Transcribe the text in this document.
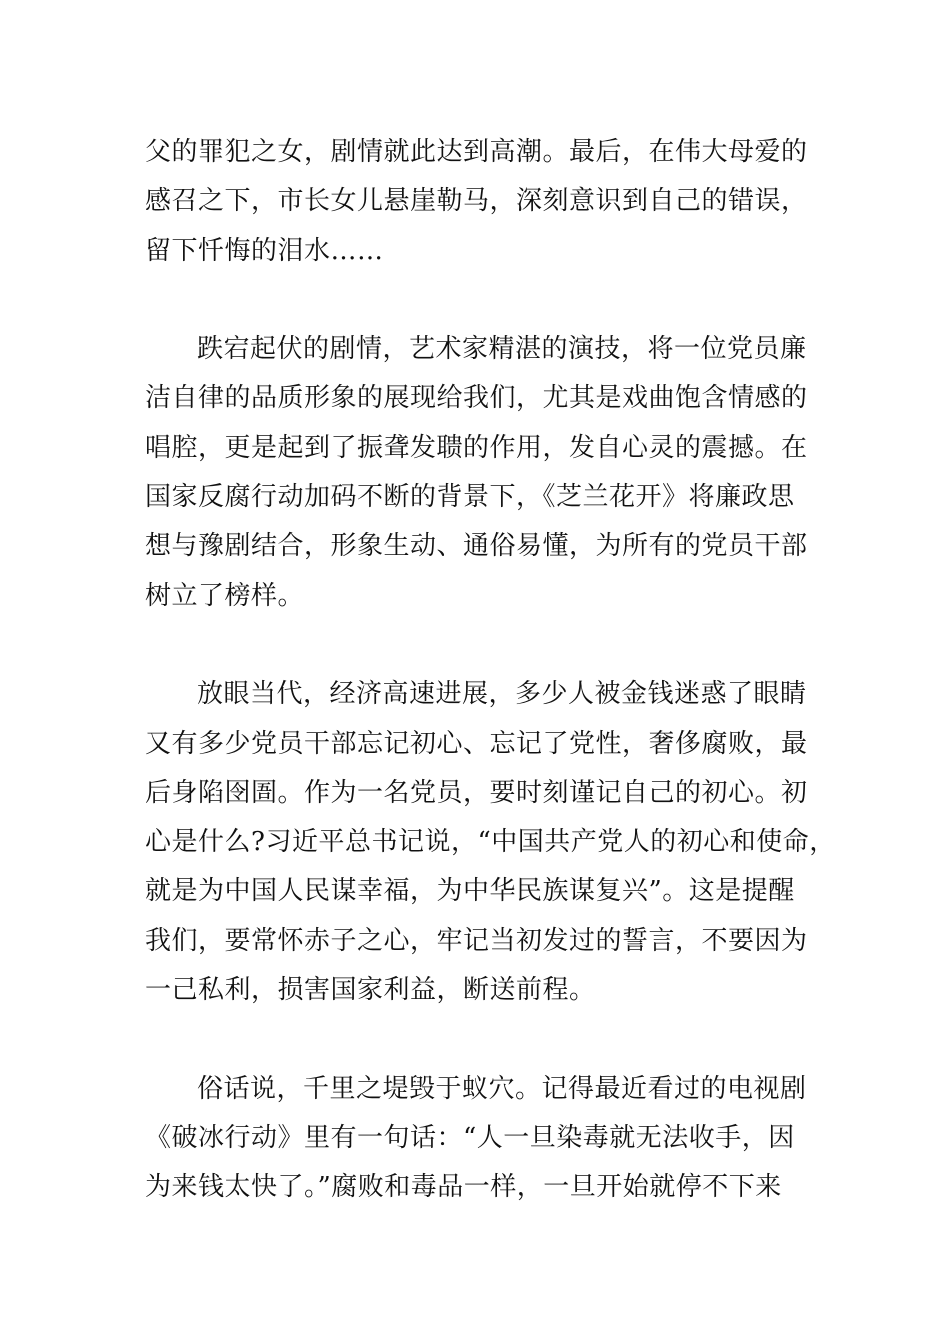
父的罪犯之女，剧情就此达到高潮。最后，在伟大母爱的
感召之下，市长女儿悬崖勒马，深刻意识到自己的错误，
留下忏悔的泪水……
跌宕起伏的剧情，艺术家精湛的演技，将一位党员廉
洁自律的品质形象的展现给我们，尤其是戏曲饱含情感的
唱腔，更是起到了振聋发聩的作用，发自心灵的震撼。在
国家反腐行动加码不断的背景下，《芝兰花开》将廉政思
想与豫剧结合，形象生动、通俗易懂，为所有的党员干部
树立了榜样。
放眼当代，经济高速进展，多少人被金钱迷惑了眼睛
又有多少党员干部忘记初心、忘记了党性，奢侈腐败，最
后身陷囹圄。作为一名党员，要时刻谨记自己的初心。初
心是什么?习近平总书记说，“中国共产党人的初心和使命，
就是为中国人民谋幸福，为中华民族谋复兴”。这是提醒
我们，要常怀赤子之心，牢记当初发过的誓言，不要因为
一己私利，损害国家利益，断送前程。
俗话说，千里之堤毁于蚁穴。记得最近看过的电视剧
《破冰行动》里有一句话：“人一旦染毒就无法收手，因
为来钱太快了。”腐败和毒品一样，一旦开始就停不下来
